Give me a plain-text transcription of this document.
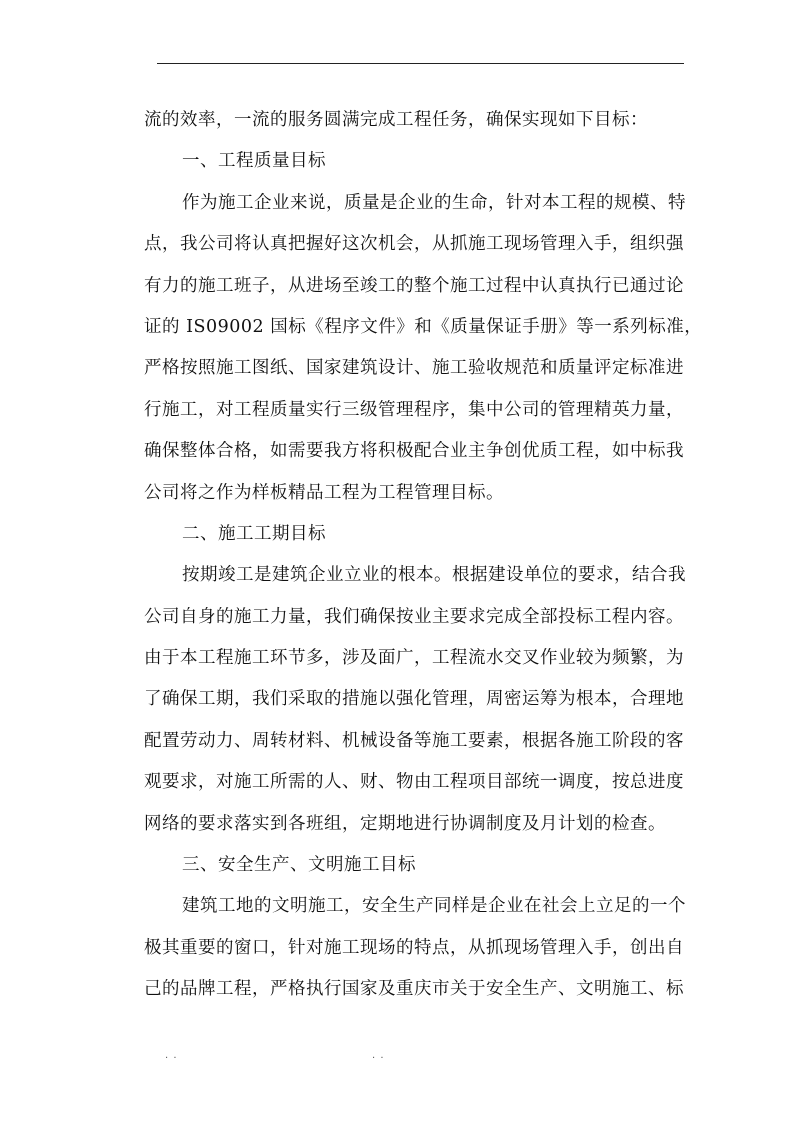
流的效率，一流的服务圆满完成工程任务，确保实现如下目标：
一、工程质量目标
作为施工企业来说，质量是企业的生命，针对本工程的规模、特
点，我公司将认真把握好这次机会，从抓施工现场管理入手，组织强
有力的施工班子，从进场至竣工的整个施工过程中认真执行已通过论
证的 IS09002 国标《程序文件》和《质量保证手册》等一系列标准，
严格按照施工图纸、国家建筑设计、施工验收规范和质量评定标准进
行施工，对工程质量实行三级管理程序，集中公司的管理精英力量，
确保整体合格，如需要我方将积极配合业主争创优质工程，如中标我
公司将之作为样板精品工程为工程管理目标。
二、施工工期目标
按期竣工是建筑企业立业的根本。根据建设单位的要求，结合我
公司自身的施工力量，我们确保按业主要求完成全部投标工程内容。
由于本工程施工环节多，涉及面广，工程流水交叉作业较为频繁，为
了确保工期，我们采取的措施以强化管理，周密运筹为根本，合理地
配置劳动力、周转材料、机械设备等施工要素，根据各施工阶段的客
观要求，对施工所需的人、财、物由工程项目部统一调度，按总进度
网络的要求落实到各班组，定期地进行协调制度及月计划的检查。
三、安全生产、文明施工目标
建筑工地的文明施工，安全生产同样是企业在社会上立足的一个
极其重要的窗口，针对施工现场的特点，从抓现场管理入手，创出自
己的品牌工程，严格执行国家及重庆市关于安全生产、文明施工、标
· ·	· ·
